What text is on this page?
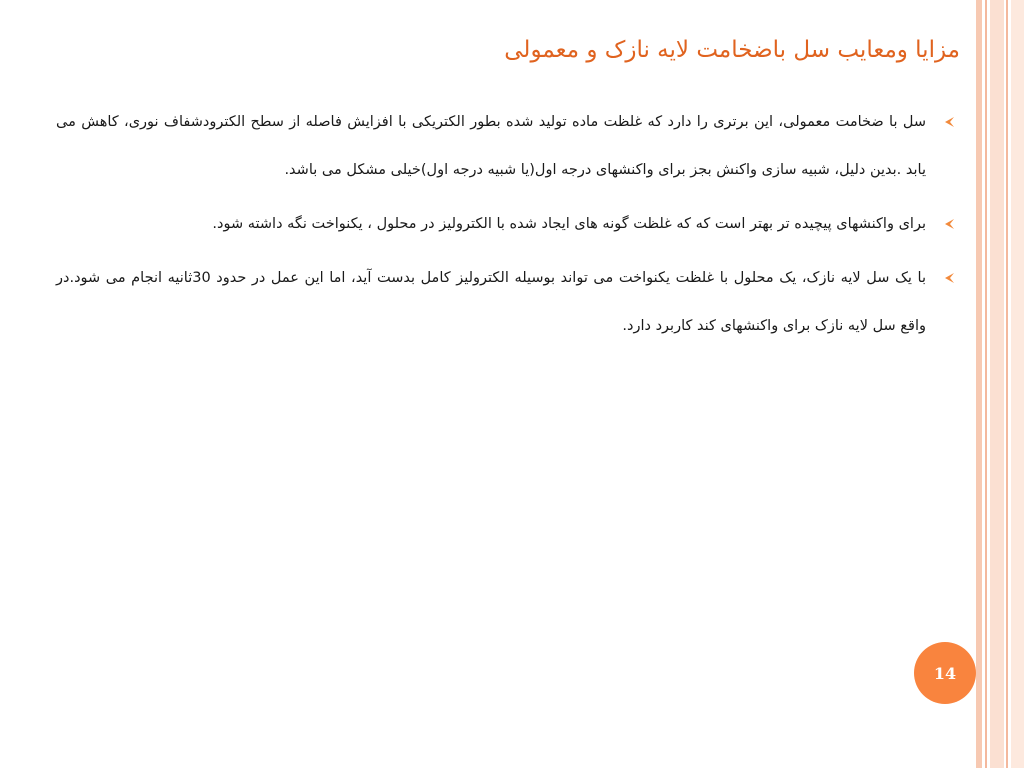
مزایا ومعایب سل باضخامت لایه نازک و معمولی
سل با ضخامت معمولی، این برتری را دارد که غلظت ماده تولید شده بطور الکتریکی با افزایش فاصله از سطح الکترودشفاف نوری، کاهش می یابد .بدین دلیل، شبیه سازی واکنش بجز برای واکنشهای درجه اول(یا شبیه درجه اول)خیلی مشکل می باشد.
برای واکنشهای پیچیده تر بهتر است که که غلظت گونه های ایجاد شده با الکترولیز در محلول ، یکنواخت نگه داشته شود.
با یک سل لایه نازک، یک محلول با غلظت یکنواخت می تواند بوسیله الکترولیز کامل بدست آید، اما این عمل در حدود 30ثانیه انجام می شود.در واقع سل لایه نازک برای واکنشهای کند کاربرد دارد.
14
